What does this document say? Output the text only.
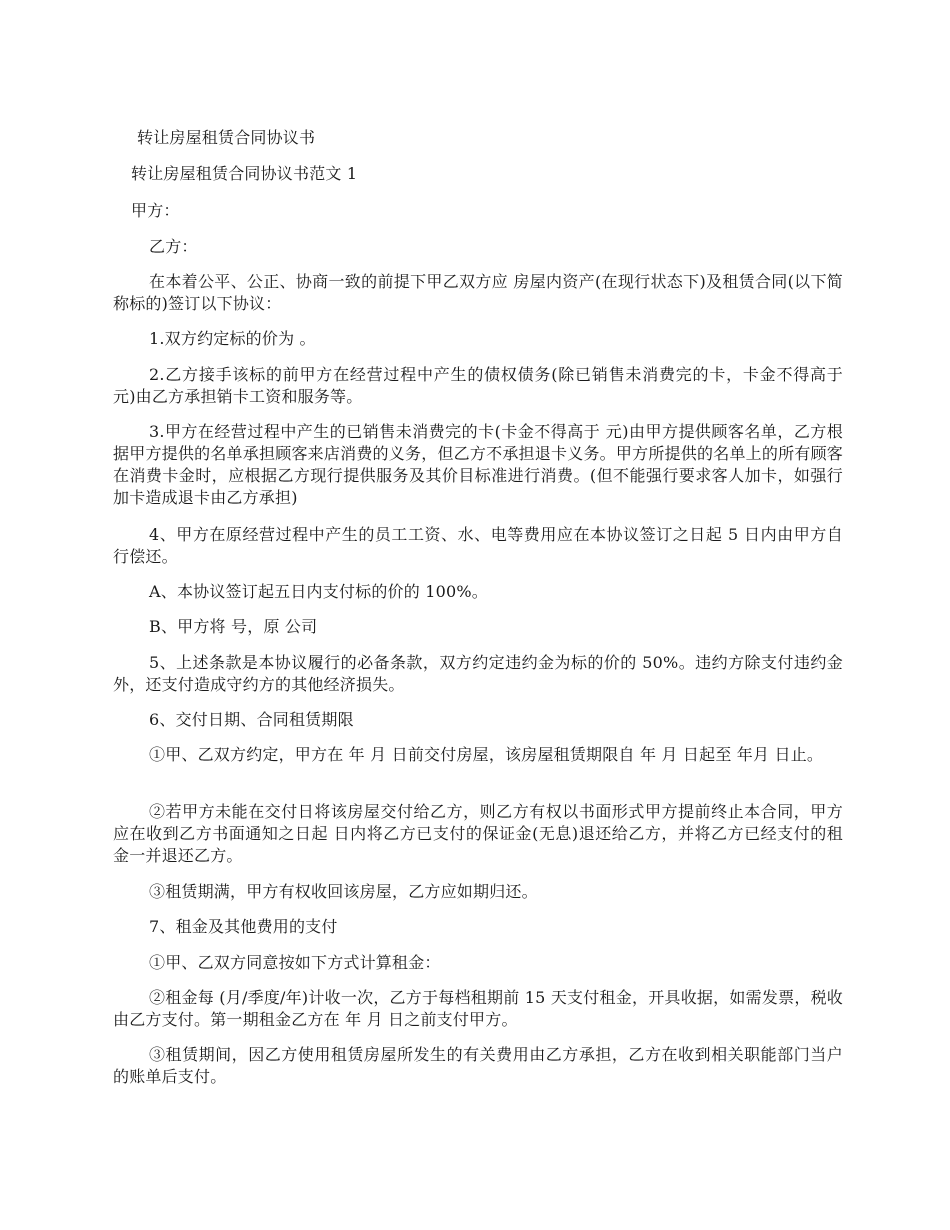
转让房屋租赁合同协议书
转让房屋租赁合同协议书范文 1
甲方：
乙方：
在本着公平、公正、协商一致的前提下甲乙双方应 房屋内资产(在现行状态下)及租赁合同(以下简称标的)签订以下协议：
1.双方约定标的价为 。
2.乙方接手该标的前甲方在经营过程中产生的债权债务(除已销售未消费完的卡，卡金不得高于 元)由乙方承担销卡工资和服务等。
3.甲方在经营过程中产生的已销售未消费完的卡(卡金不得高于 元)由甲方提供顾客名单，乙方根据甲方提供的名单承担顾客来店消费的义务，但乙方不承担退卡义务。甲方所提供的名单上的所有顾客在消费卡金时，应根据乙方现行提供服务及其价目标准进行消费。(但不能强行要求客人加卡，如强行加卡造成退卡由乙方承担)
4、甲方在原经营过程中产生的员工工资、水、电等费用应在本协议签订之日起 5 日内由甲方自行偿还。
A、本协议签订起五日内支付标的价的 100%。
B、甲方将 号，原 公司
5、上述条款是本协议履行的必备条款，双方约定违约金为标的价的 50%。违约方除支付违约金外，还支付造成守约方的其他经济损失。
6、交付日期、合同租赁期限
①甲、乙双方约定，甲方在 年 月 日前交付房屋，该房屋租赁期限自 年 月 日起至 年月 日止。
②若甲方未能在交付日将该房屋交付给乙方，则乙方有权以书面形式甲方提前终止本合同，甲方应在收到乙方书面通知之日起 日内将乙方已支付的保证金(无息)退还给乙方，并将乙方已经支付的租金一并退还乙方。
③租赁期满，甲方有权收回该房屋，乙方应如期归还。
7、租金及其他费用的支付
①甲、乙双方同意按如下方式计算租金：
②租金每 (月/季度/年)计收一次，乙方于每档租期前 15 天支付租金，开具收据，如需发票，税收由乙方支付。第一期租金乙方在 年 月 日之前支付甲方。
③租赁期间，因乙方使用租赁房屋所发生的有关费用由乙方承担，乙方在收到相关职能部门当户的账单后支付。
